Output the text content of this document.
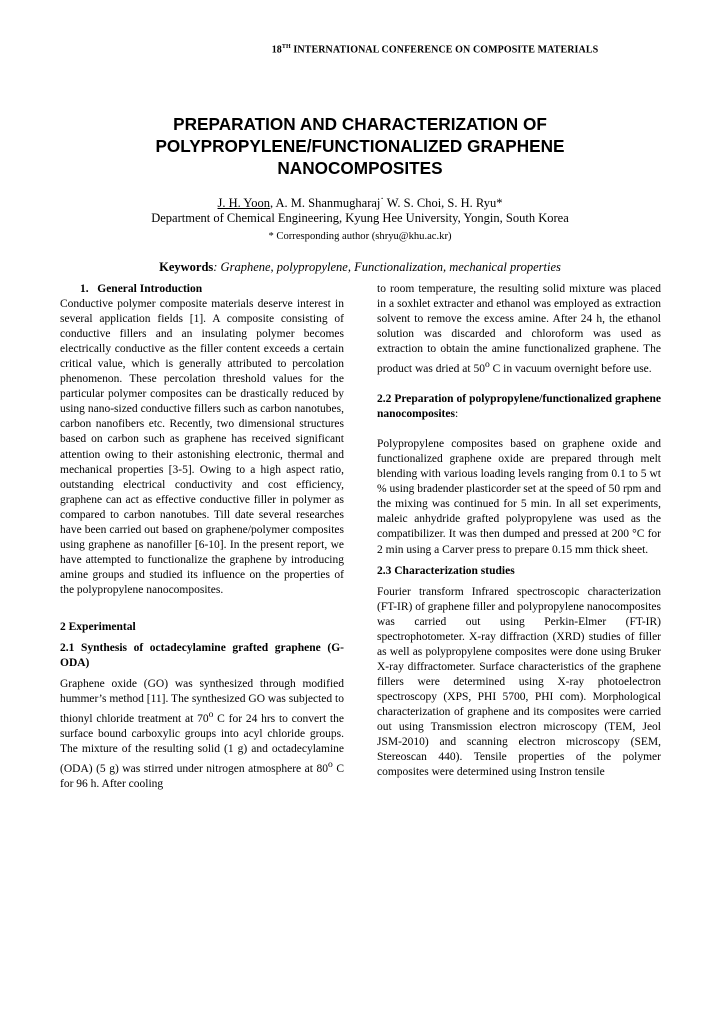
18TH INTERNATIONAL CONFERENCE ON COMPOSITE MATERIALS
PREPARATION AND CHARACTERIZATION OF
POLYPROPYLENE/FUNCTIONALIZED GRAPHENE
NANOCOMPOSITES
J. H. Yoon, A. M. Shanmugharaj· W. S. Choi, S. H. Ryu*
Department of Chemical Engineering, Kyung Hee University, Yongin, South Korea
* Corresponding author (shryu@khu.ac.kr)
Keywords: Graphene, polypropylene, Functionalization, mechanical properties

1.   General Introduction

Conductive polymer composite materials deserve interest in several application fields [1]. A composite consisting of conductive fillers and an insulating polymer becomes electrically conductive as the filler content exceeds a certain critical value, which is generally attributed to percolation phenomenon. These percolation threshold values for the particular polymer composites can be drastically reduced by using nano-sized conductive fillers such as carbon nanotubes, carbon nanofibers etc. Recently, two dimensional structures based on carbon such as graphene has received significant attention owing to their astonishing electronic, thermal and mechanical properties [3-5]. Owing to a high aspect ratio, outstanding electrical conductivity and cost efficiency, graphene can act as effective conductive filler in polymer as compared to carbon nanotubes. Till date several researches have been carried out based on graphene/polymer composites using graphene as nanofiller [6-10]. In the present report, we have attempted to functionalize the graphene by introducing amine groups and studied its influence on the properties of the polypropylene nanocomposites.

2 Experimental

2.1 Synthesis of octadecylamine grafted graphene (G-ODA)

Graphene oxide (GO) was synthesized through modified hummer’s method [11]. The synthesized GO was subjected to thionyl chloride treatment at 70$^o$ C for 24 hrs to convert the surface bound carboxylic groups into acyl chloride groups. The mixture of the resulting solid (1 g) and octadecylamine (ODA) (5 g) was stirred under nitrogen atmosphere at 80$^o$ C for 96 h. After cooling

to room temperature, the resulting solid mixture was placed in a soxhlet extracter and ethanol was employed as extraction solvent to remove the excess amine. After 24 h, the ethanol solution was discarded and chloroform was used as extraction to obtain the amine functionalized graphene. The product was dried at 50$^o$ C in vacuum overnight before use.

2.2 Preparation of polypropylene/functionalized graphene nanocomposites:

Polypropylene composites based on graphene oxide and functionalized graphene oxide are prepared through melt blending with various loading levels ranging from 0.1 to 5 wt % using bradender plasticorder set at the speed of 50 rpm and the mixing was continued for 5 min. In all set experiments, maleic anhydride grafted polypropylene was used as the compatibilizer. It was then dumped and pressed at 200 °C for 2 min using a Carver press to prepare 0.15 mm thick sheet.

2.3 Characterization studies

Fourier transform Infrared spectroscopic characterization (FT-IR) of graphene filler and polypropylene nanocomposites was carried out using Perkin-Elmer (FT-IR) spectrophotometer. X-ray diffraction (XRD) studies of filler as well as polypropylene composites were done using Bruker X-ray diffractometer. Surface characteristics of the graphene fillers were determined using X-ray photoelectron spectroscopy (XPS, PHI 5700, PHI com). Morphological characterization of graphene and its composites were carried out using Transmission electron microscopy (TEM, Jeol JSM-2010) and scanning electron microscopy (SEM, Stereoscan 440). Tensile properties of the polymer composites were determined using Instron tensile
